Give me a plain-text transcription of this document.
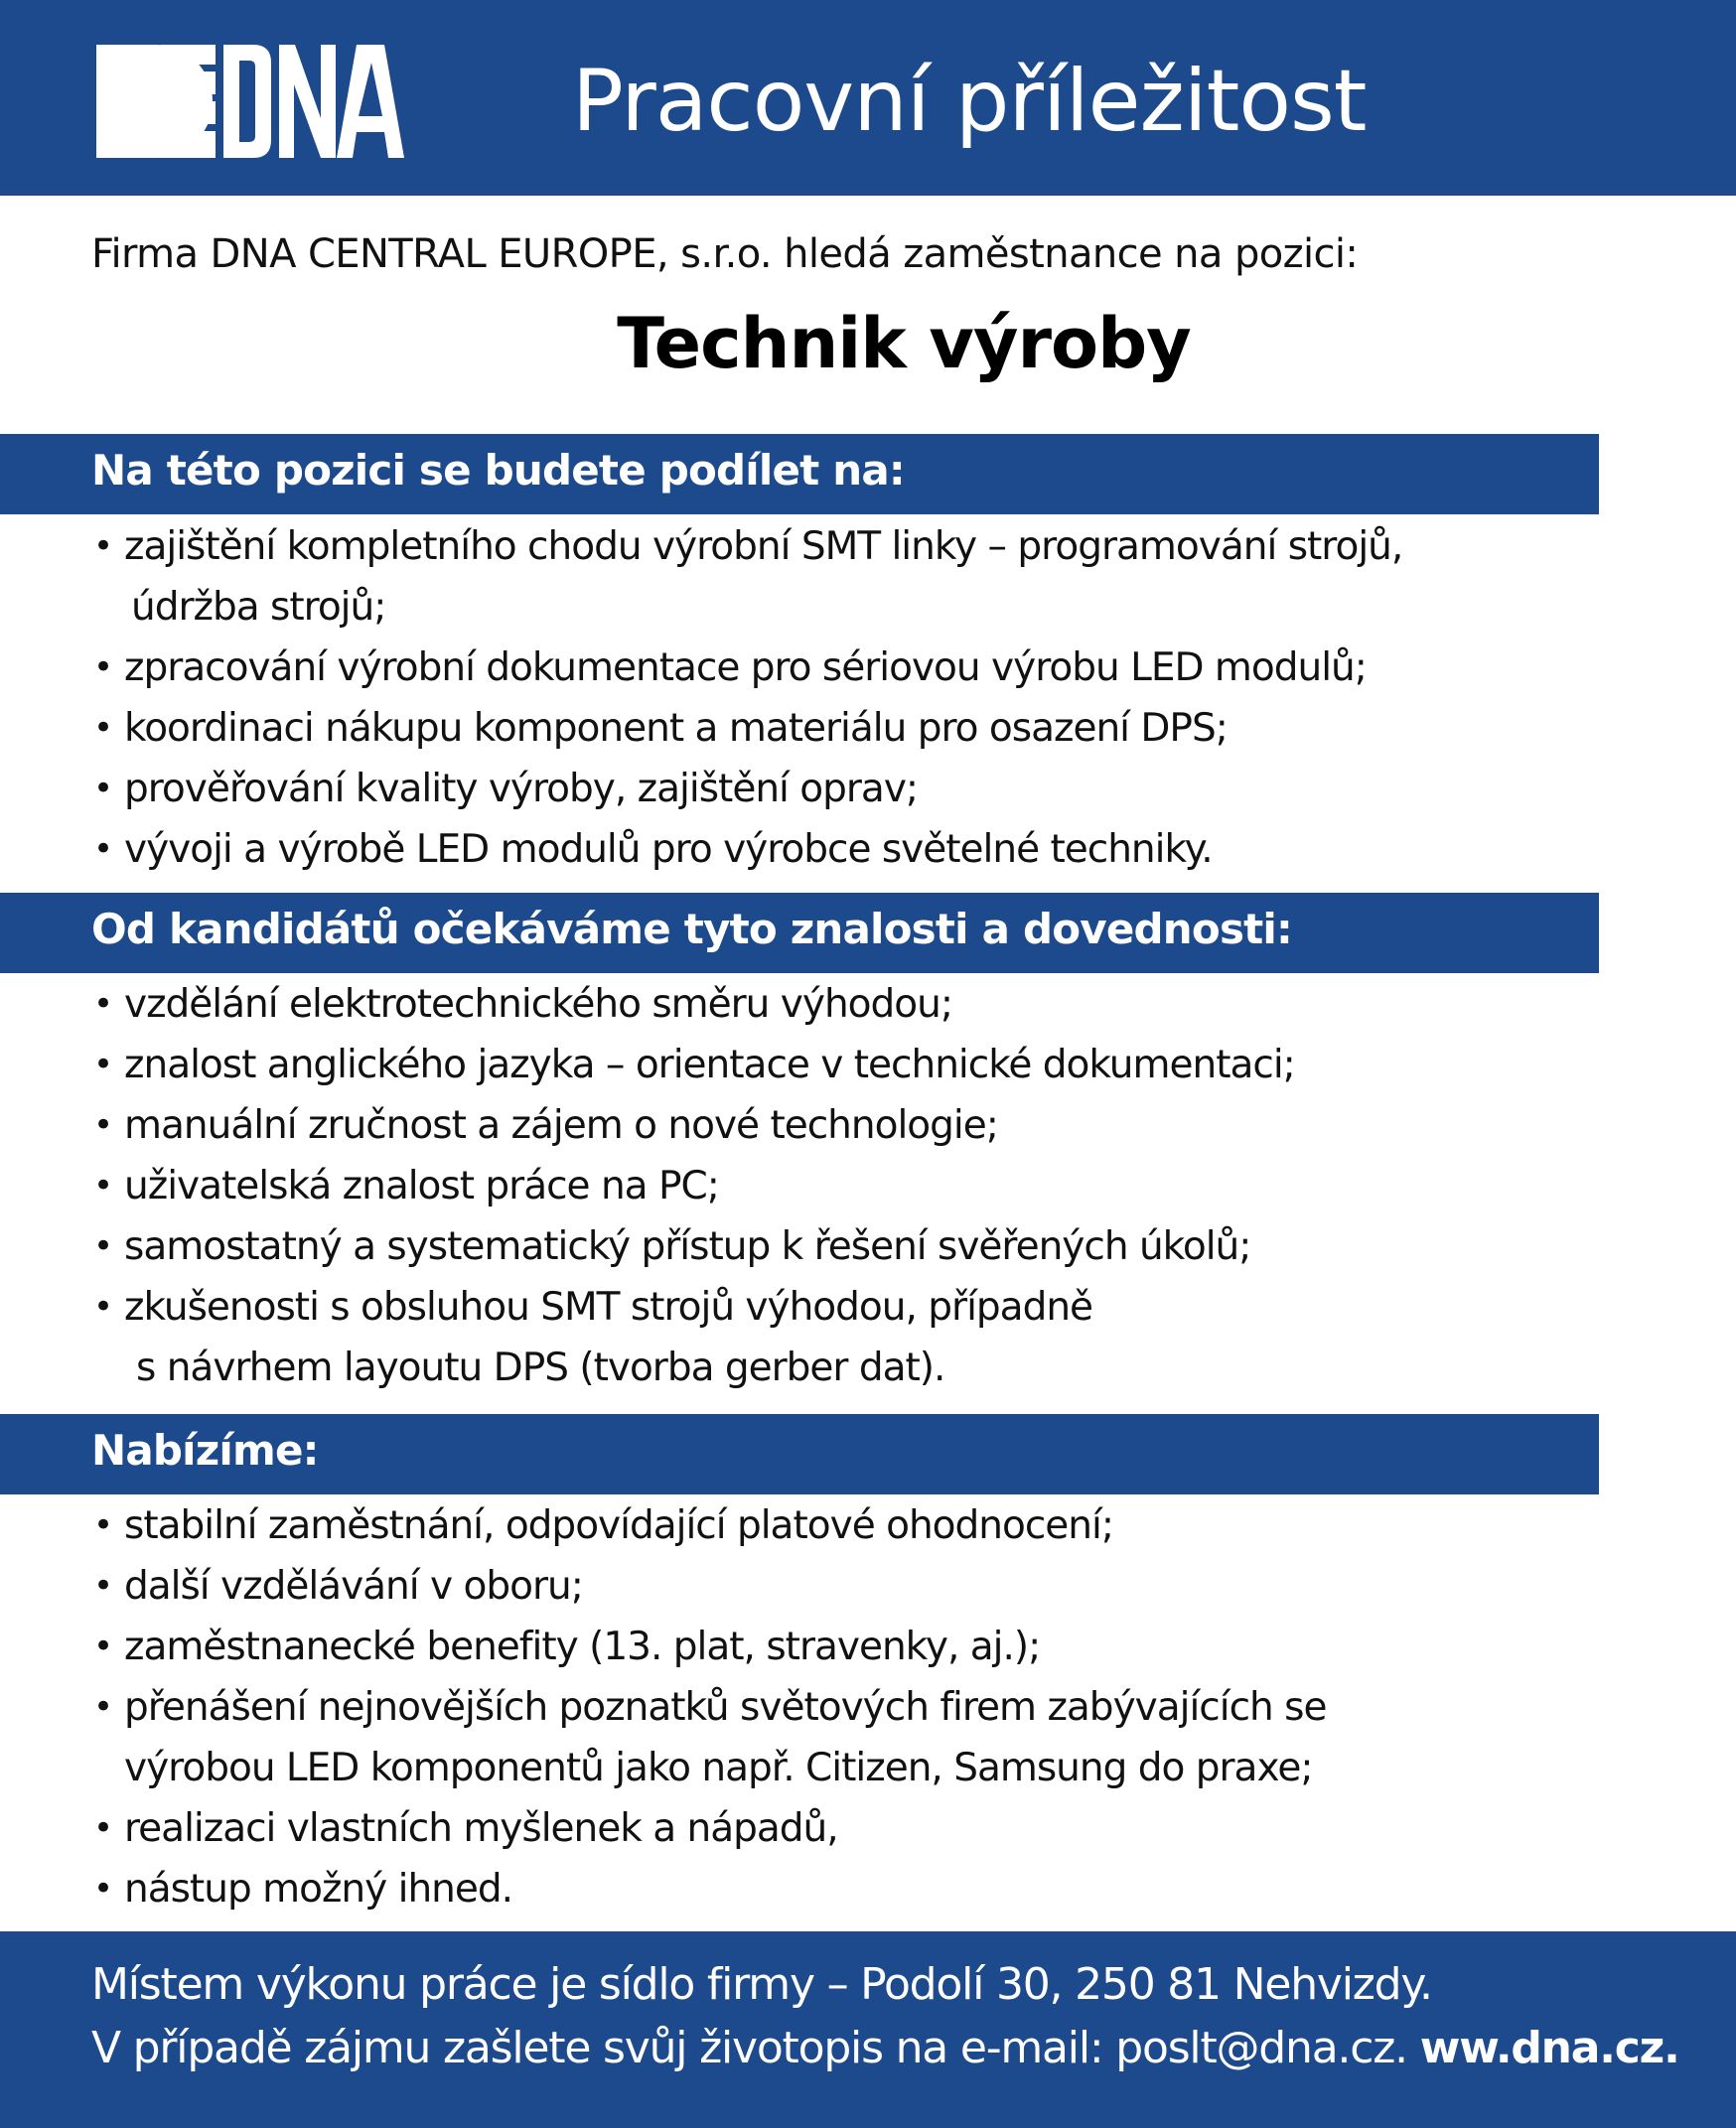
Pracovní příležitost
Firma DNA CENTRAL EUROPE, s.r.o. hledá zaměstnance na pozici:
Technik výroby
Na této pozici se budete podílet na:
• zajištění kompletního chodu výrobní SMT linky – programování strojů,
údržba strojů;
• zpracování výrobní dokumentace pro sériovou výrobu LED modulů;
• koordinaci nákupu komponent a materiálu pro osazení DPS;
• prověřování kvality výroby, zajištění oprav;
• vývoji a výrobě LED modulů pro výrobce světelné techniky.
Od kandidátů očekáváme tyto znalosti a dovednosti:
• vzdělání elektrotechnického směru výhodou;
• znalost anglického jazyka – orientace v technické dokumentaci;
• manuální zručnost a zájem o nové technologie;
• uživatelská znalost práce na PC;
• samostatný a systematický přístup k řešení svěřených úkolů;
• zkušenosti s obsluhou SMT strojů výhodou, případně
s návrhem layoutu DPS (tvorba gerber dat).
Nabízíme:
• stabilní zaměstnání, odpovídající platové ohodnocení;
• další vzdělávání v oboru;
• zaměstnanecké benefity (13. plat, stravenky, aj.);
• přenášení nejnovějších poznatků světových firem zabývajících se
výrobou LED komponentů jako např. Citizen, Samsung do praxe;
• realizaci vlastních myšlenek a nápadů,
• nástup možný ihned.
Místem výkonu práce je sídlo firmy – Podolí 30, 250 81 Nehvizdy.
V případě zájmu zašlete svůj životopis na e-mail: poslt@dna.cz. ww.dna.cz.
